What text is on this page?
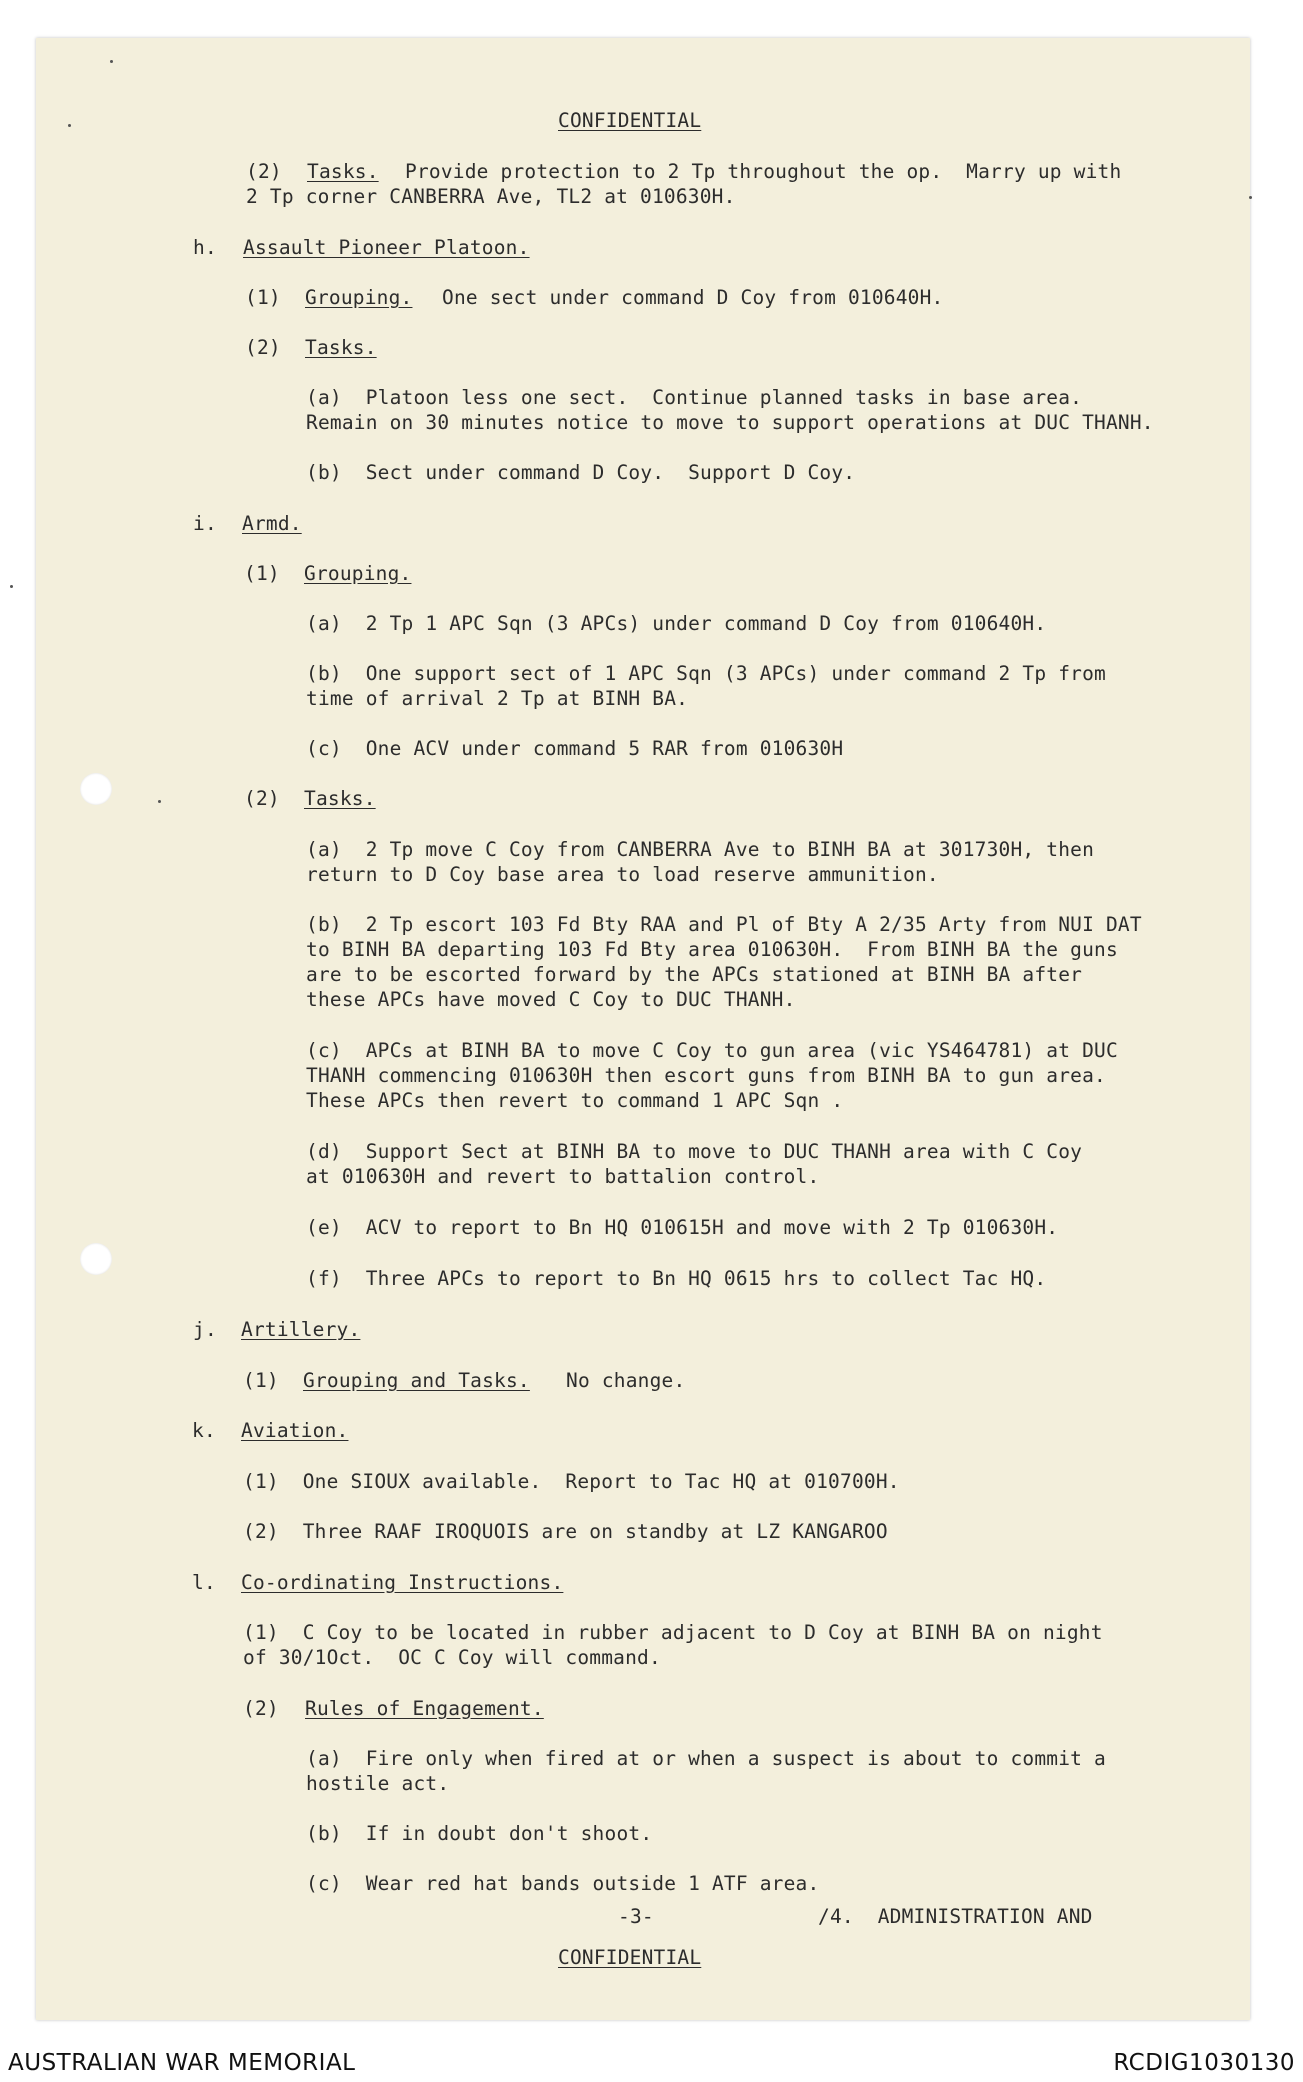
CONFIDENTIAL

(2) Tasks. Provide protection to 2 Tp throughout the op.  Marry up with

2 Tp corner CANBERRA Ave, TL2 at 010630H.

h. Assault Pioneer Platoon.

(1) Grouping. One sect under command D Coy from 010640H.

(2) Tasks.

(a)  Platoon less one sect.  Continue planned tasks in base area.

Remain on 30 minutes notice to move to support operations at DUC THANH.

(b)  Sect under command D Coy.  Support D Coy.

i. Armd.

(1) Grouping.

(a)  2 Tp 1 APC Sqn (3 APCs) under command D Coy from 010640H.

(b)  One support sect of 1 APC Sqn (3 APCs) under command 2 Tp from

time of arrival 2 Tp at BINH BA.

(c)  One ACV under command 5 RAR from 010630H

(2) Tasks.

(a)  2 Tp move C Coy from CANBERRA Ave to BINH BA at 301730H, then

return to D Coy base area to load reserve ammunition.

(b)  2 Tp escort 103 Fd Bty RAA and Pl of Bty A 2/35 Arty from NUI DAT

to BINH BA departing 103 Fd Bty area 010630H.  From BINH BA the guns

are to be escorted forward by the APCs stationed at BINH BA after

these APCs have moved C Coy to DUC THANH.

(c)  APCs at BINH BA to move C Coy to gun area (vic YS464781) at DUC

THANH commencing 010630H then escort guns from BINH BA to gun area.

These APCs then revert to command 1 APC Sqn .

(d)  Support Sect at BINH BA to move to DUC THANH area with C Coy

at 010630H and revert to battalion control.

(e)  ACV to report to Bn HQ 010615H and move with 2 Tp 010630H.

(f)  Three APCs to report to Bn HQ 0615 hrs to collect Tac HQ.

j. Artillery.

(1) Grouping and Tasks. No change.

k. Aviation.

(1)  One SIOUX available.  Report to Tac HQ at 010700H.

(2)  Three RAAF IROQUOIS are on standby at LZ KANGAROO

l. Co-ordinating Instructions.

(1)  C Coy to be located in rubber adjacent to D Coy at BINH BA on night

of 30/1Oct.  OC C Coy will command.

(2) Rules of Engagement.

(a)  Fire only when fired at or when a suspect is about to commit a

hostile act.

(b)  If in doubt don't shoot.

(c)  Wear red hat bands outside 1 ATF area.

-3-	/4.  ADMINISTRATION AND

CONFIDENTIAL

AUSTRALIAN WAR MEMORIAL	RCDIG1030130
